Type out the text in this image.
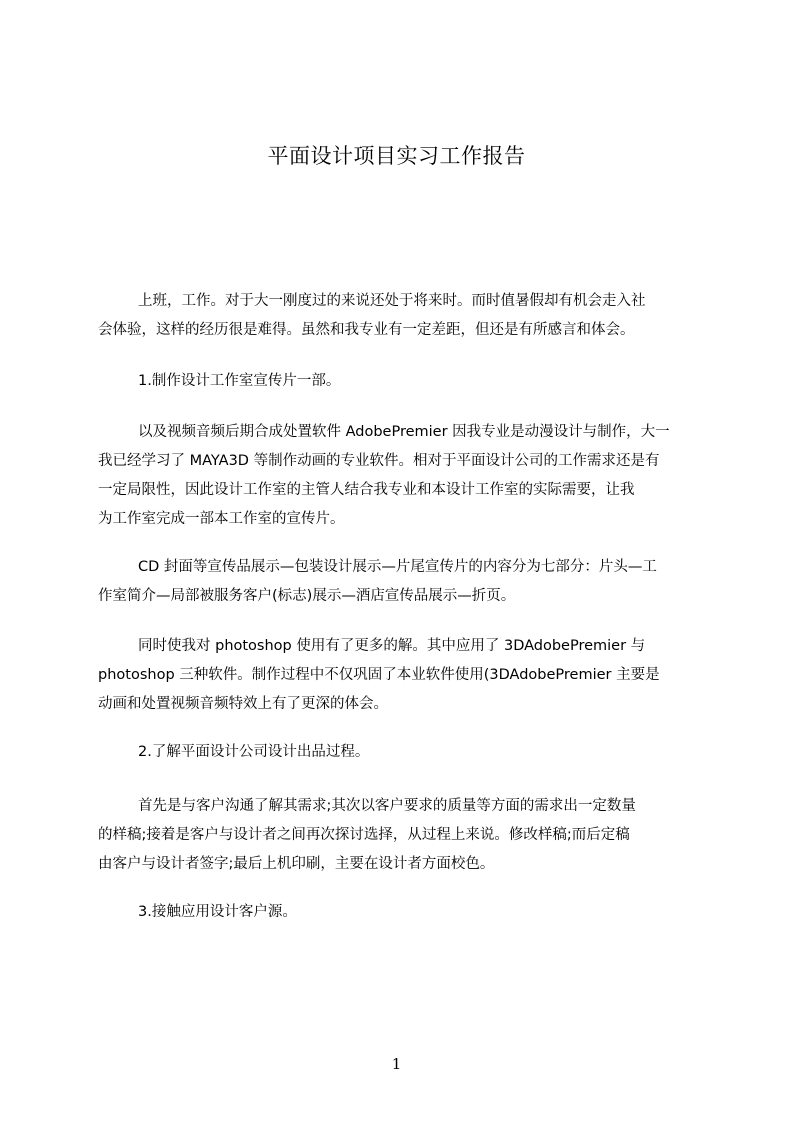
平面设计项目实习工作报告
上班，工作。对于大一刚度过的来说还处于将来时。而时值暑假却有机会走入社
会体验，这样的经历很是难得。虽然和我专业有一定差距，但还是有所感言和体会。
1.制作设计工作室宣传片一部。
以及视频音频后期合成处置软件 AdobePremier 因我专业是动漫设计与制作，大一
我已经学习了 MAYA3D 等制作动画的专业软件。相对于平面设计公司的工作需求还是有
一定局限性，因此设计工作室的主管人结合我专业和本设计工作室的实际需要，让我
为工作室完成一部本工作室的宣传片。
CD 封面等宣传品展示—包装设计展示—片尾宣传片的内容分为七部分：片头—工
作室简介—局部被服务客户(标志)展示—酒店宣传品展示—折页。
同时使我对 photoshop 使用有了更多的解。其中应用了 3DAdobePremier 与
photoshop 三种软件。制作过程中不仅巩固了本业软件使用(3DAdobePremier 主要是
动画和处置视频音频特效上有了更深的体会。
2.了解平面设计公司设计出品过程。
首先是与客户沟通了解其需求;其次以客户要求的质量等方面的需求出一定数量
的样稿;接着是客户与设计者之间再次探讨选择，从过程上来说。修改样稿;而后定稿
由客户与设计者签字;最后上机印刷，主要在设计者方面校色。
3.接触应用设计客户源。
1
